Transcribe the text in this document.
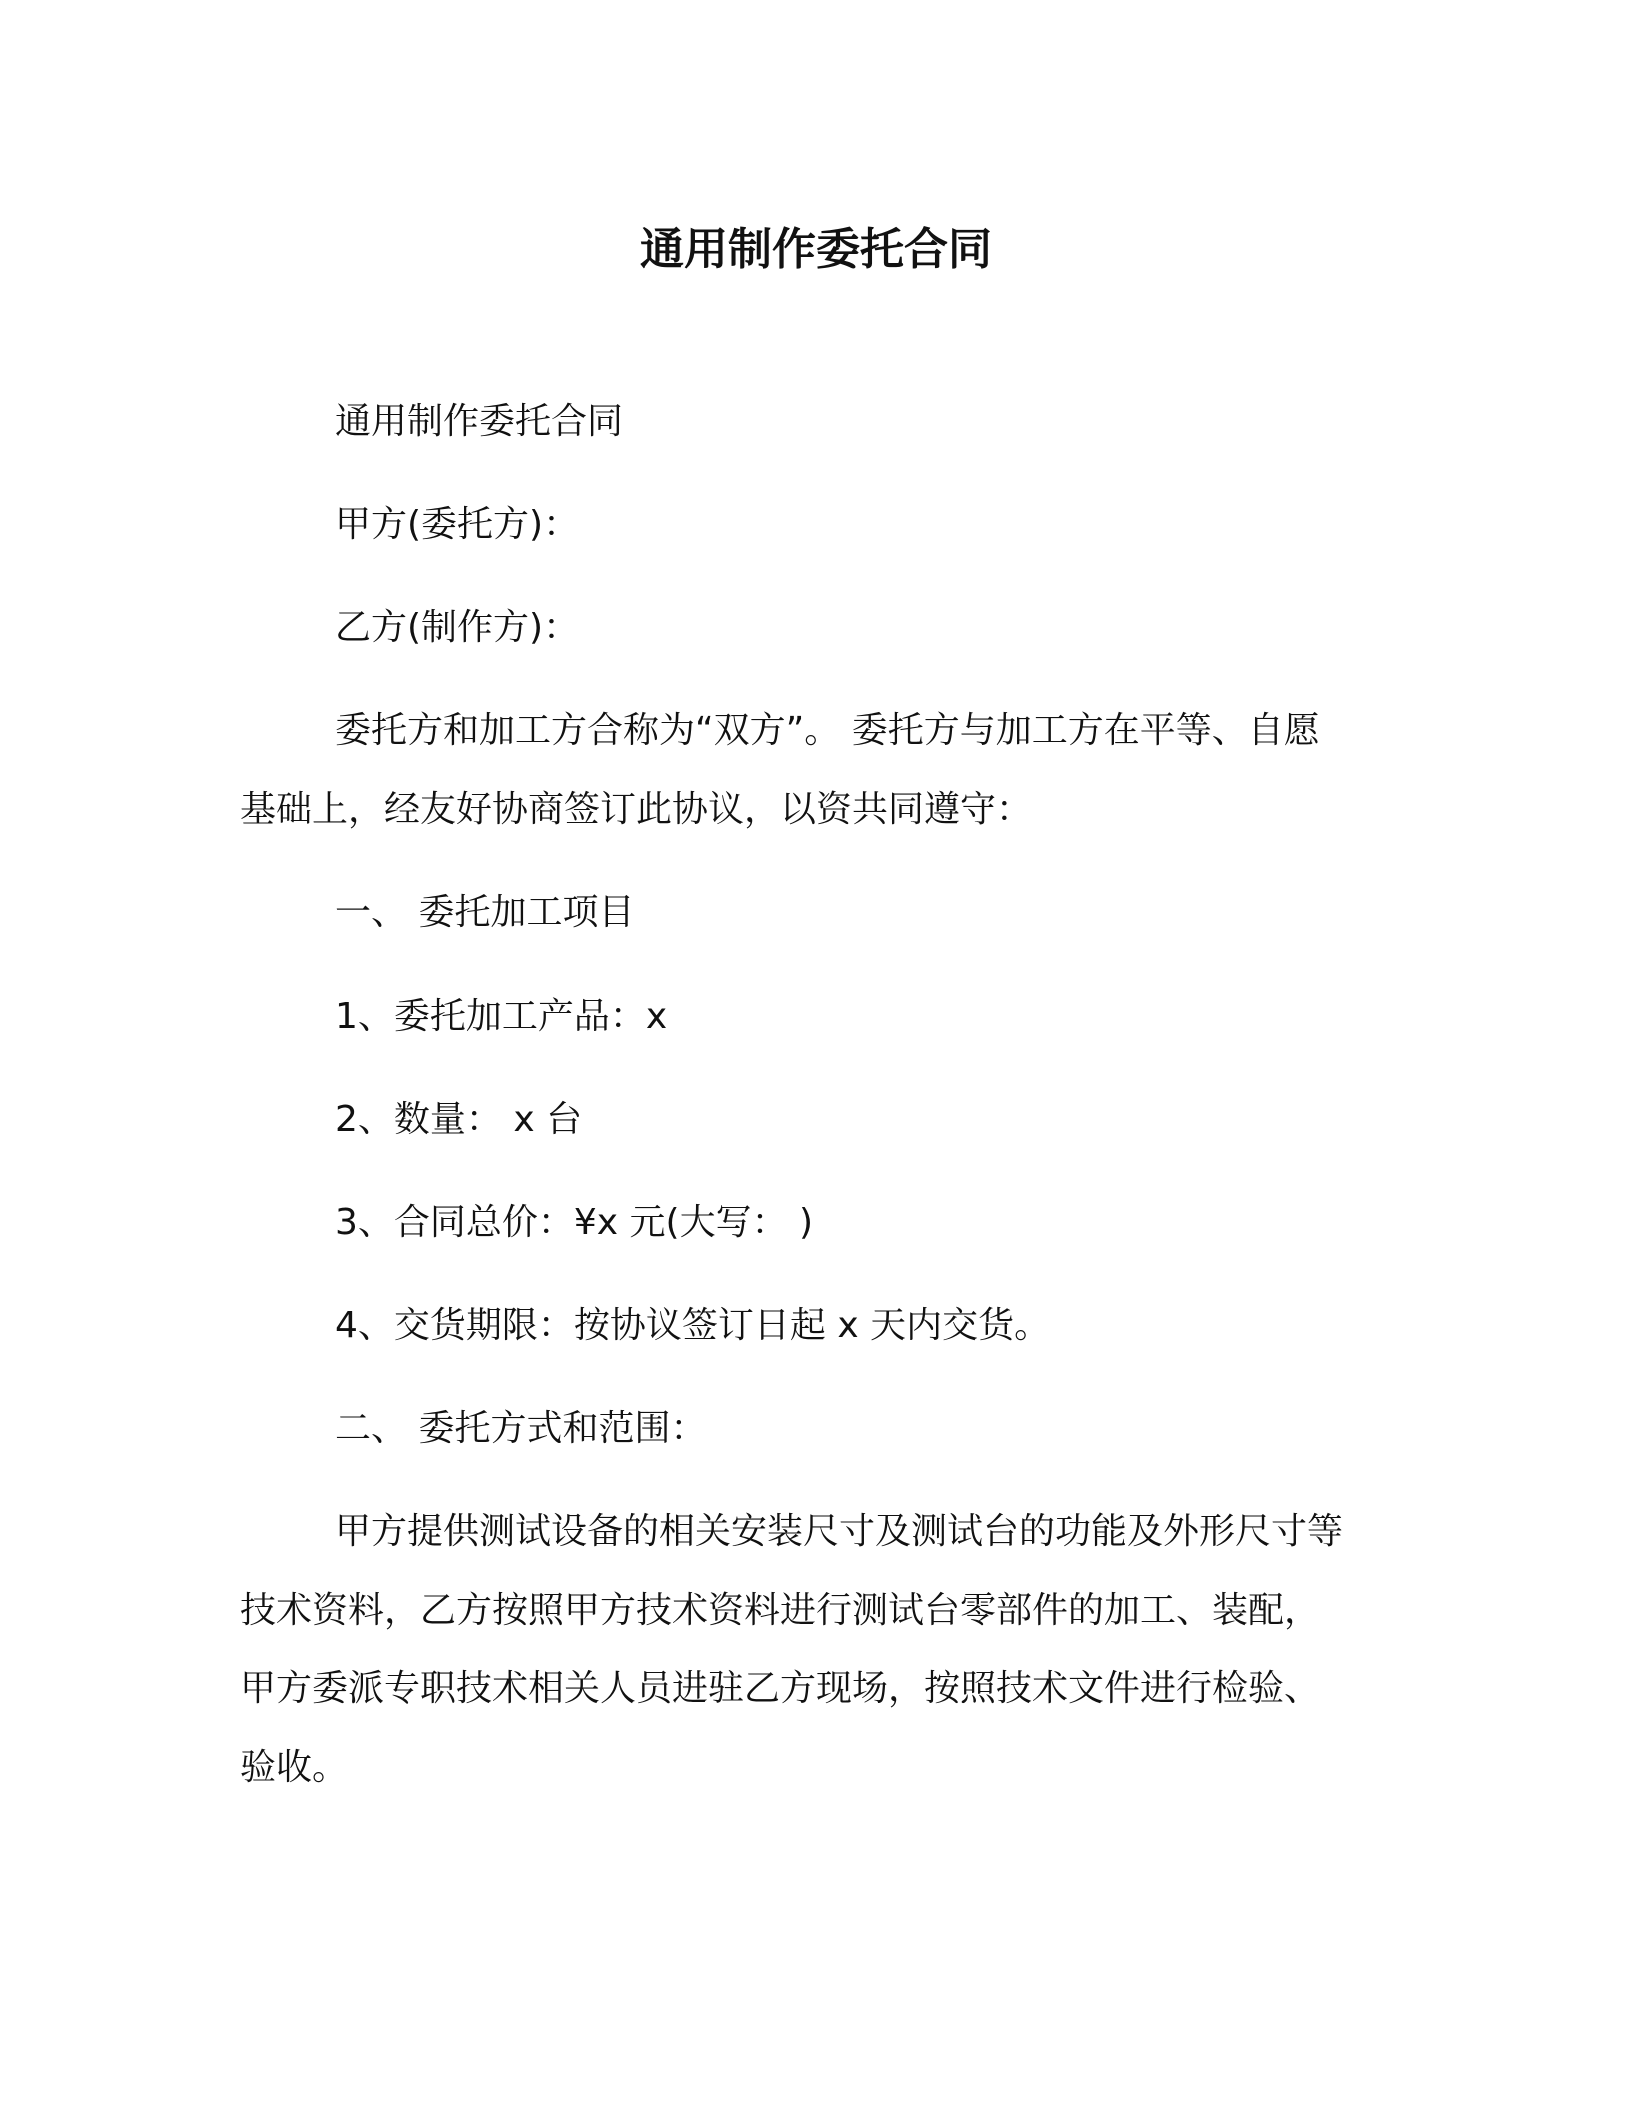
通用制作委托合同

通用制作委托合同

甲方(委托方)：

乙方(制作方)：

委托方和加工方合称为“双方”。 委托方与加工方在平等、自愿

基础上，经友好协商签订此协议，以资共同遵守：

一、 委托加工项目

1、委托加工产品：x

2、数量： x 台

3、合同总价：¥x 元(大写： )

4、交货期限：按协议签订日起 x 天内交货。

二、 委托方式和范围：

甲方提供测试设备的相关安装尺寸及测试台的功能及外形尺寸等

技术资料，乙方按照甲方技术资料进行测试台零部件的加工、装配，

甲方委派专职技术相关人员进驻乙方现场，按照技术文件进行检验、

验收。
